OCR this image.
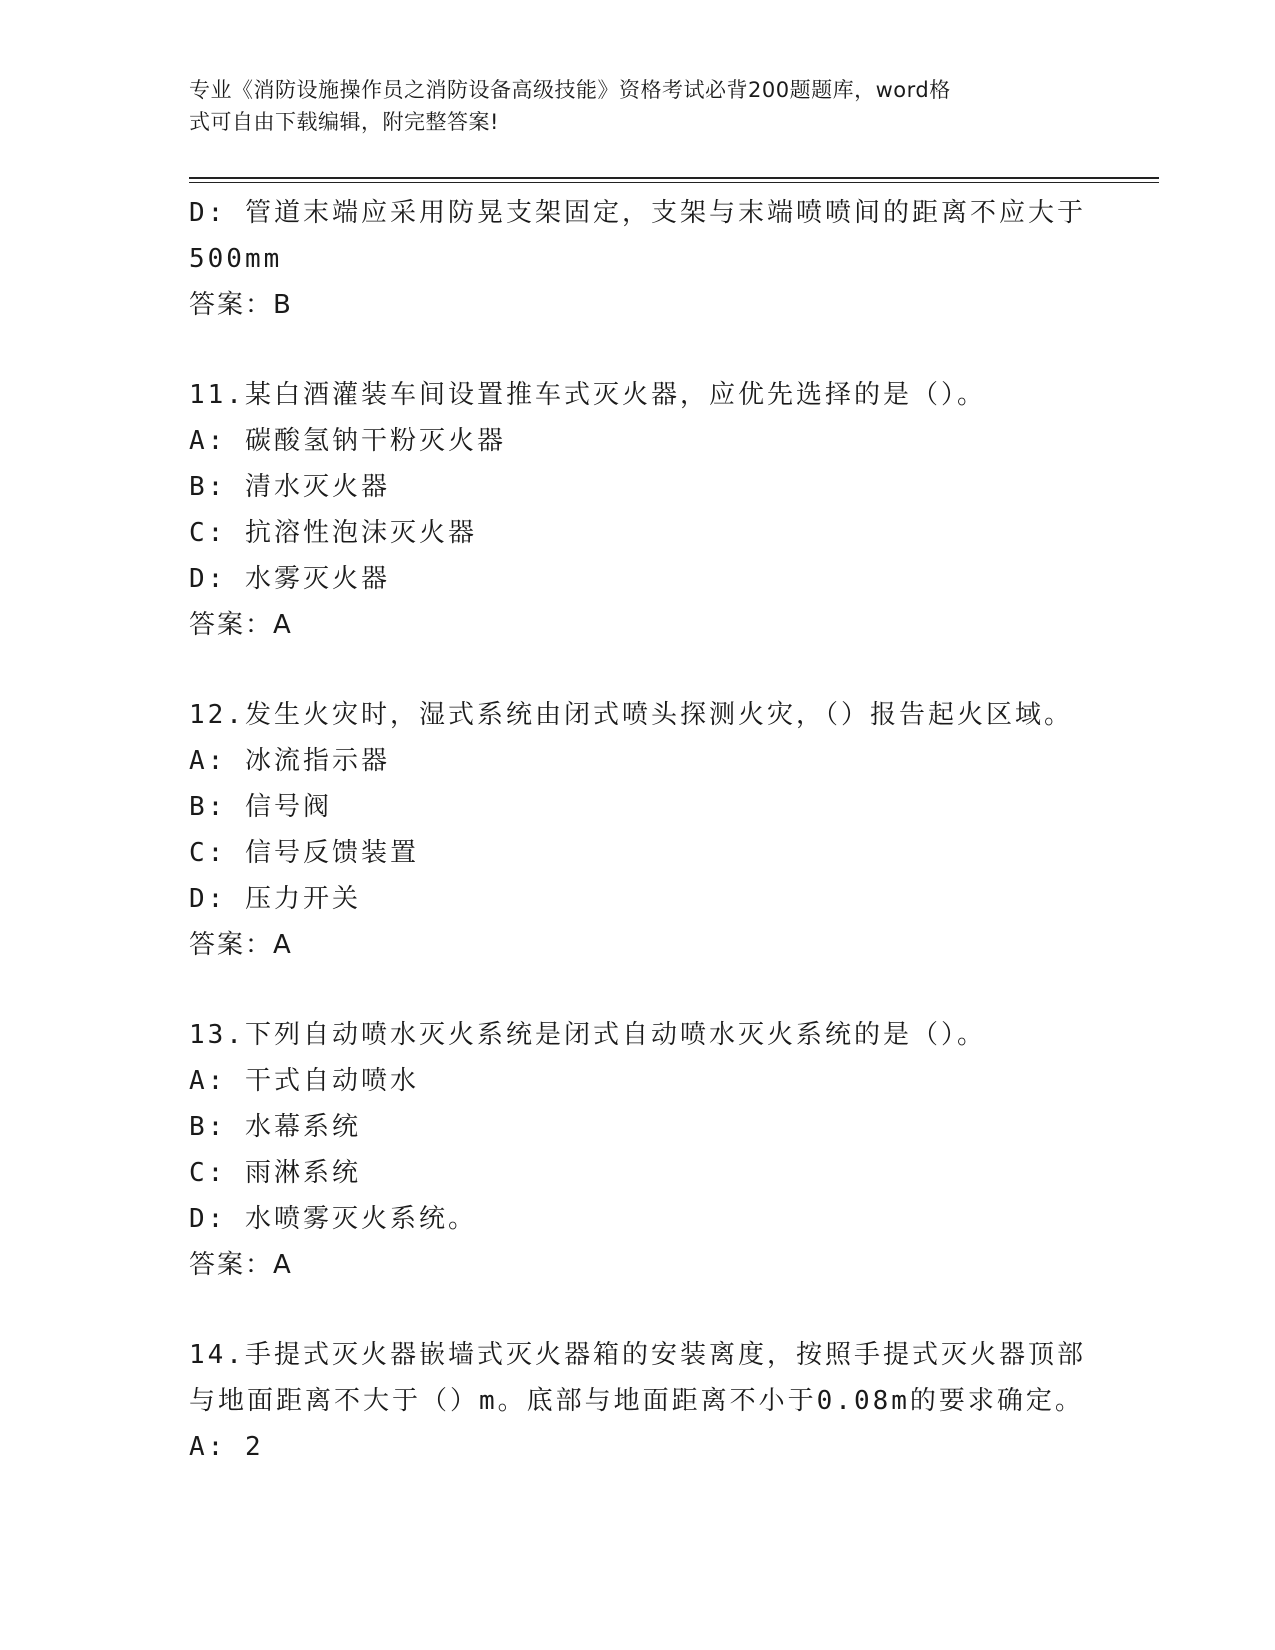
专业《消防设施操作员之消防设备高级技能》资格考试必背200题题库，word格
式可自由下载编辑，附完整答案!
D: 管道末端应采用防晃支架固定，支架与末端喷喷间的距离不应大于
500mm
答案：B
11.某白酒灌装车间设置推车式灭火器，应优先选择的是（）。
A: 碳酸氢钠干粉灭火器
B: 清水灭火器
C: 抗溶性泡沫灭火器
D: 水雾灭火器
答案：A
12.发生火灾时，湿式系统由闭式喷头探测火灾，（）报告起火区域。
A: 冰流指示器
B: 信号阀
C: 信号反馈装置
D: 压力开关
答案：A
13.下列自动喷水灭火系统是闭式自动喷水灭火系统的是（）。
A: 干式自动喷水
B: 水幕系统
C: 雨淋系统
D: 水喷雾灭火系统。
答案：A
14.手提式灭火器嵌墙式灭火器箱的安装离度，按照手提式灭火器顶部
与地面距离不大于（）m。底部与地面距离不小于0.08m的要求确定。
A: 2
